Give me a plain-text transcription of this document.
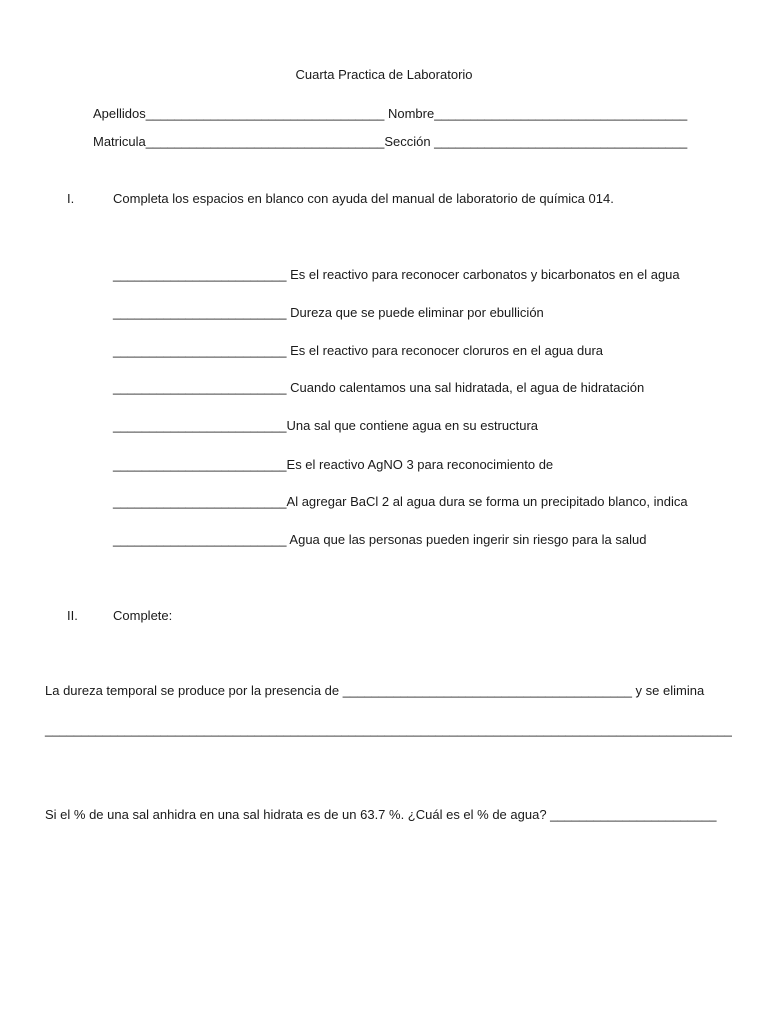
Cuarta Practica de Laboratorio
Apellidos_________________________________ Nombre___________________________________
Matricula_________________________________Sección ___________________________________
I.	Completa los espacios en blanco con ayuda del manual de laboratorio de química 014.
________________________ Es el reactivo para reconocer carbonatos y bicarbonatos en el agua
________________________ Dureza que se puede eliminar por ebullición
________________________ Es el reactivo para reconocer cloruros en el agua dura
________________________ Cuando calentamos una sal hidratada, el agua de hidratación
________________________Una sal que contiene agua en su estructura
________________________Es el reactivo AgNO 3 para reconocimiento de
________________________Al agregar BaCl 2 al agua dura se forma un precipitado blanco, indica
________________________ Agua que las personas pueden ingerir sin riesgo para la salud
II.	Complete:
La dureza temporal se produce por la presencia de ________________________________________ y se elimina
_______________________________________________________________________________________________
Si el % de una sal anhidra en una sal hidrata es de un 63.7 %. ¿Cuál es el % de agua? _______________________
